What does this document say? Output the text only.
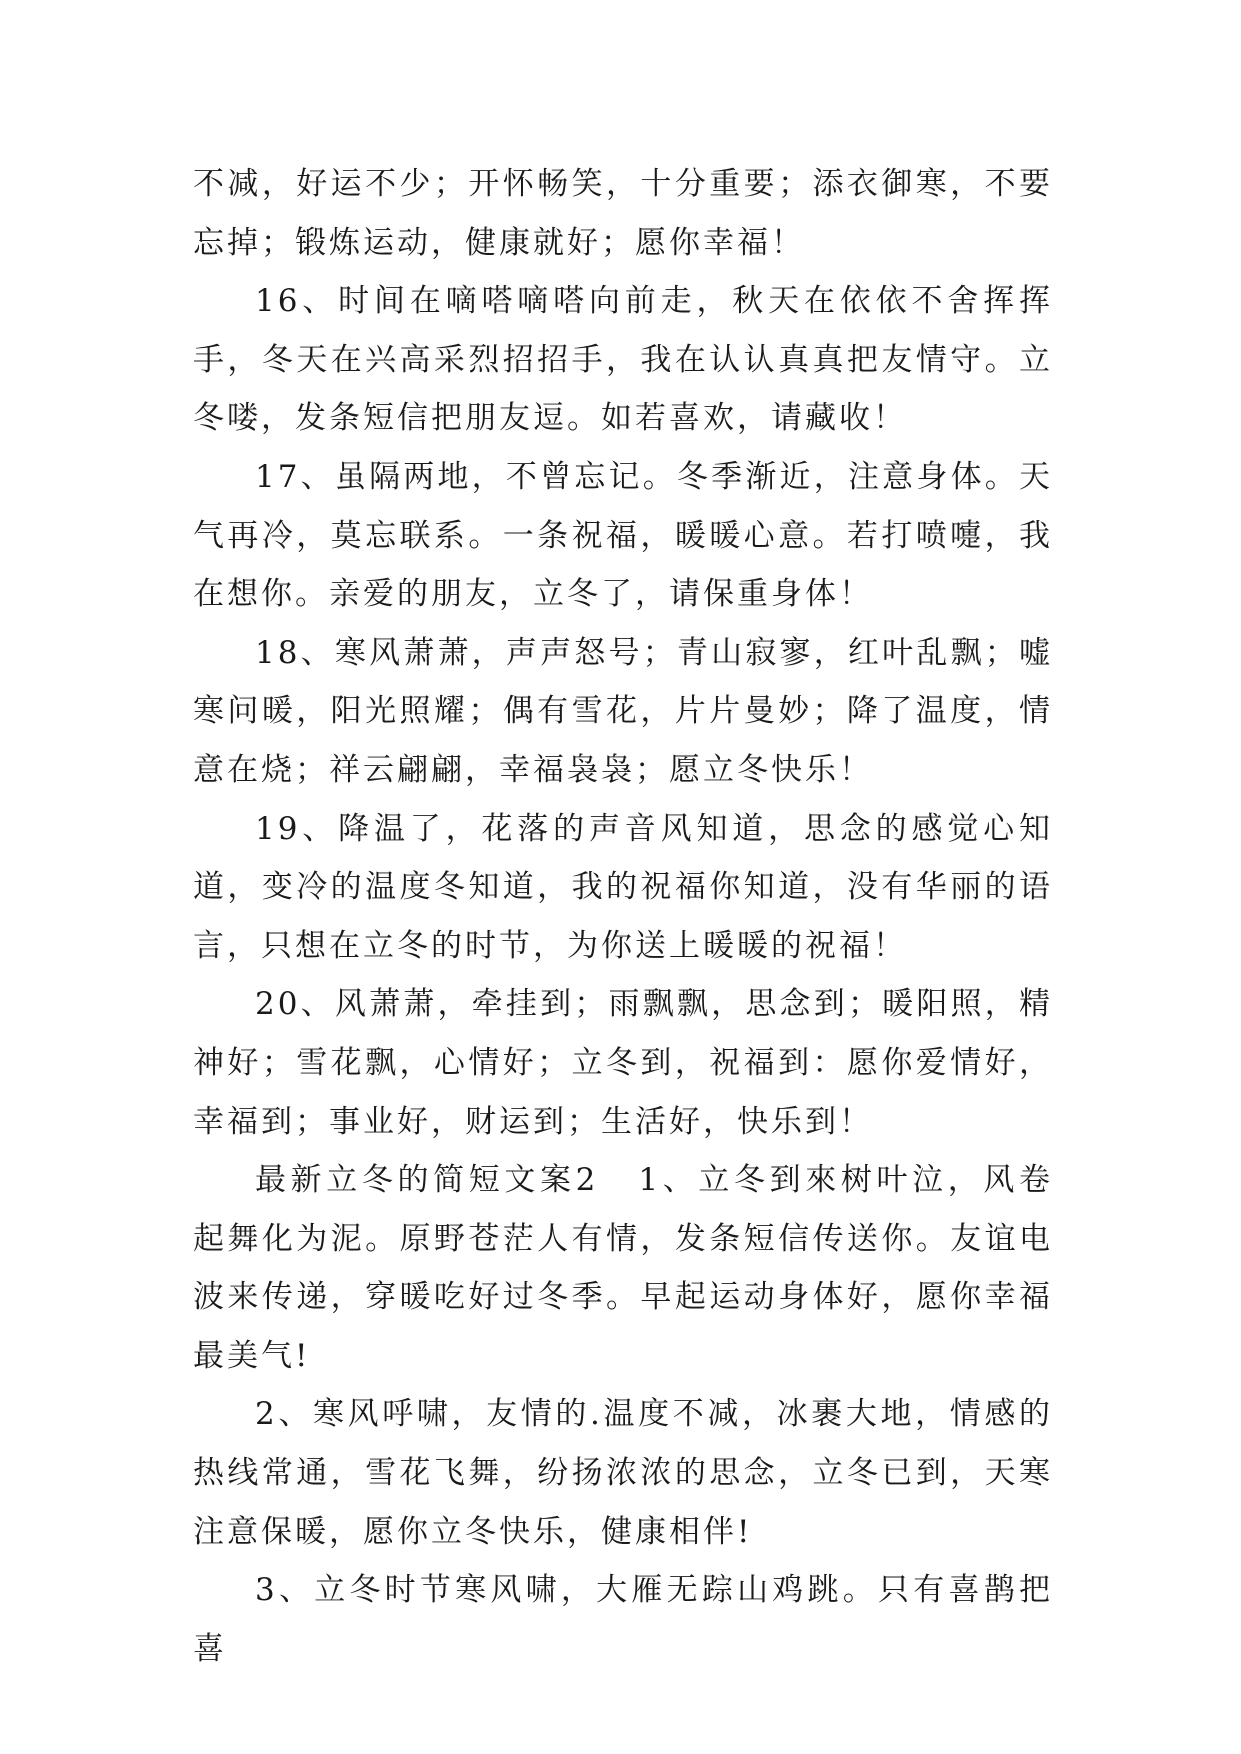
不减，好运不少；开怀畅笑，十分重要；添衣御寒，不要忘掉；锻炼运动，健康就好；愿你幸福！

16、时间在嘀嗒嘀嗒向前走，秋天在依依不舍挥挥手，冬天在兴高采烈招招手，我在认认真真把友情守。立冬喽，发条短信把朋友逗。如若喜欢，请藏收！

17、虽隔两地，不曾忘记。冬季渐近，注意身体。天气再冷，莫忘联系。一条祝福，暖暖心意。若打喷嚏，我在想你。亲爱的朋友，立冬了，请保重身体！

18、寒风萧萧，声声怒号；青山寂寥，红叶乱飘；嘘寒问暖，阳光照耀；偶有雪花，片片曼妙；降了温度，情意在烧；祥云翩翩，幸福袅袅；愿立冬快乐！

19、降温了，花落的声音风知道，思念的感觉心知道，变冷的温度冬知道，我的祝福你知道，没有华丽的语言，只想在立冬的时节，为你送上暖暖的祝福！

20、风萧萧，牵挂到；雨飘飘，思念到；暖阳照，精神好；雪花飘，心情好；立冬到，祝福到：愿你爱情好，幸福到；事业好，财运到；生活好，快乐到！

最新立冬的简短文案2 1、立冬到來树叶泣，风卷起舞化为泥。原野苍茫人有情，发条短信传送你。友谊电波来传递，穿暖吃好过冬季。早起运动身体好，愿你幸福最美气!

2、寒风呼啸，友情的.温度不减，冰裹大地，情感的热线常通，雪花飞舞，纷扬浓浓的思念，立冬已到，天寒注意保暖，愿你立冬快乐，健康相伴!

3、立冬时节寒风啸，大雁无踪山鸡跳。只有喜鹊把喜
